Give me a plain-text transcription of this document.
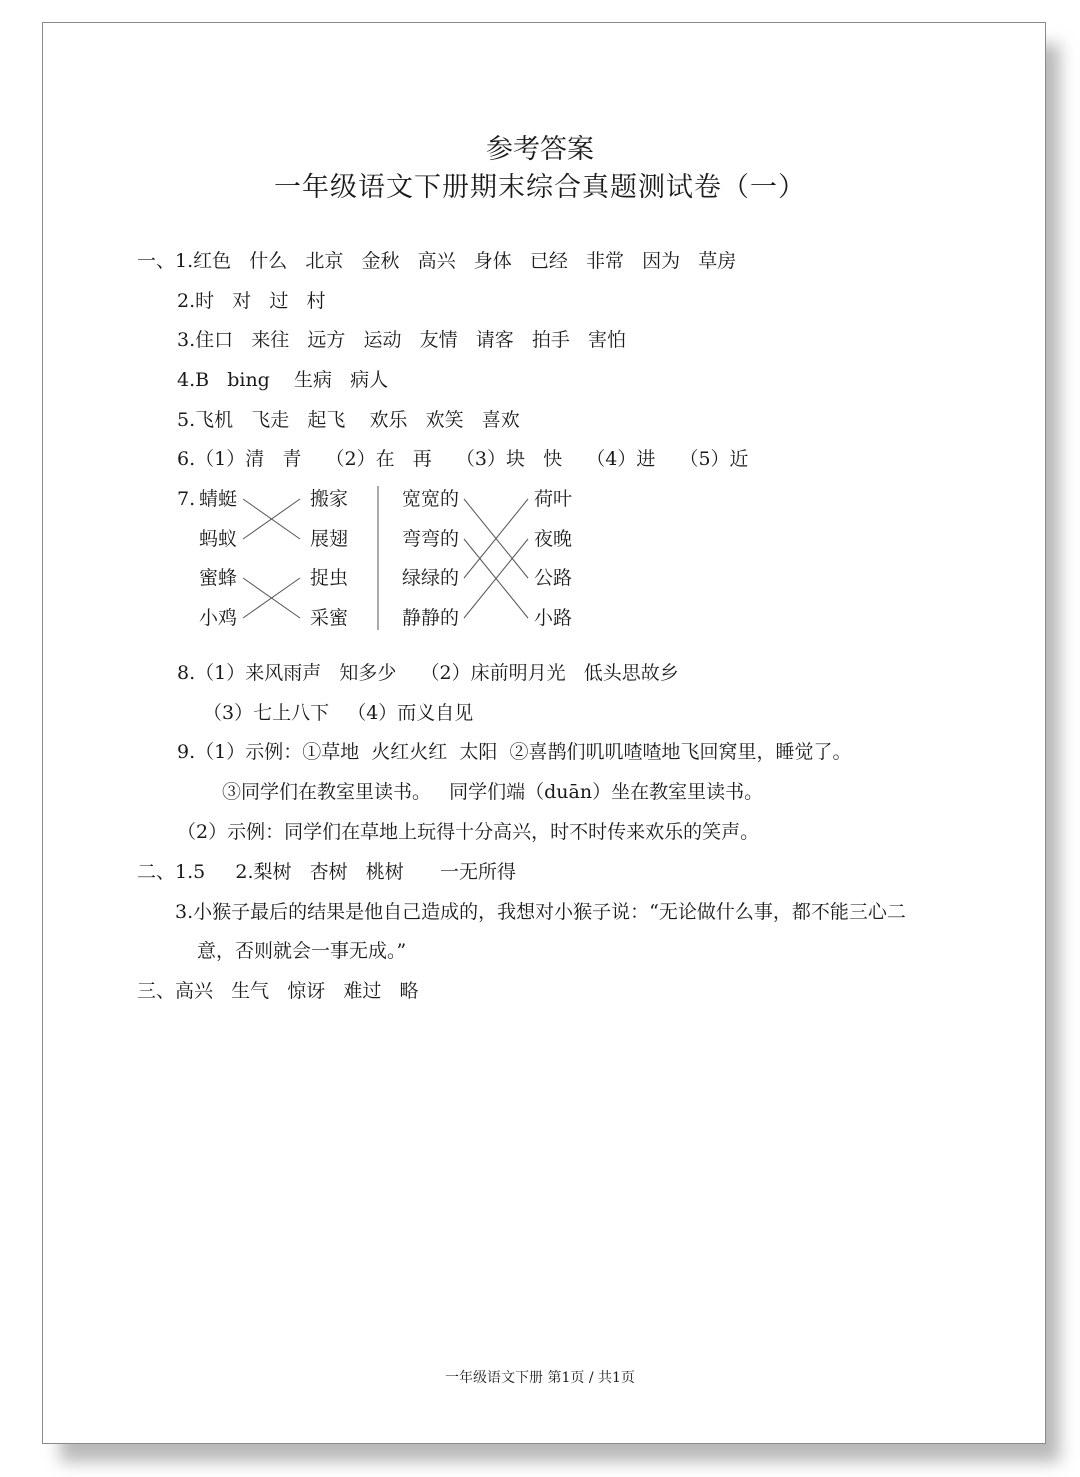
参考答案
一年级语文下册期末综合真题测试卷（一）
一、1.红色   什么   北京   金秋   高兴   身体   已经   非常   因为   草房
2.时   对   过   村
3.住口   来往   远方   运动   友情   请客   拍手   害怕
4.B   bing    生病   病人
5.飞机   飞走   起飞    欢乐   欢笑   喜欢
6.（1）清   青    （2）在   再    （3）块   快    （4）进    （5）近
7. 蜻蜓
蚂蚁
蜜蜂
小鸡
搬家
展翅
捉虫
采蜜
宽宽的
弯弯的
绿绿的
静静的
荷叶
夜晚
公路
小路
8.（1）来风雨声   知多少    （2）床前明月光   低头思故乡
（3）七上八下   （4）而义自见
9.（1）示例：①草地  火红火红  太阳  ②喜鹊们叽叽喳喳地飞回窝里，睡觉了。
③同学们在教室里读书。   同学们端（duān）坐在教室里读书。
（2）示例：同学们在草地上玩得十分高兴，时不时传来欢乐的笑声。
二、1.5     2.梨树   杏树   桃树      一无所得
3.小猴子最后的结果是他自己造成的，我想对小猴子说：“无论做什么事，都不能三心二
意，否则就会一事无成。”
三、高兴   生气   惊讶   难过   略
一年级语文下册 第1页 / 共1页
